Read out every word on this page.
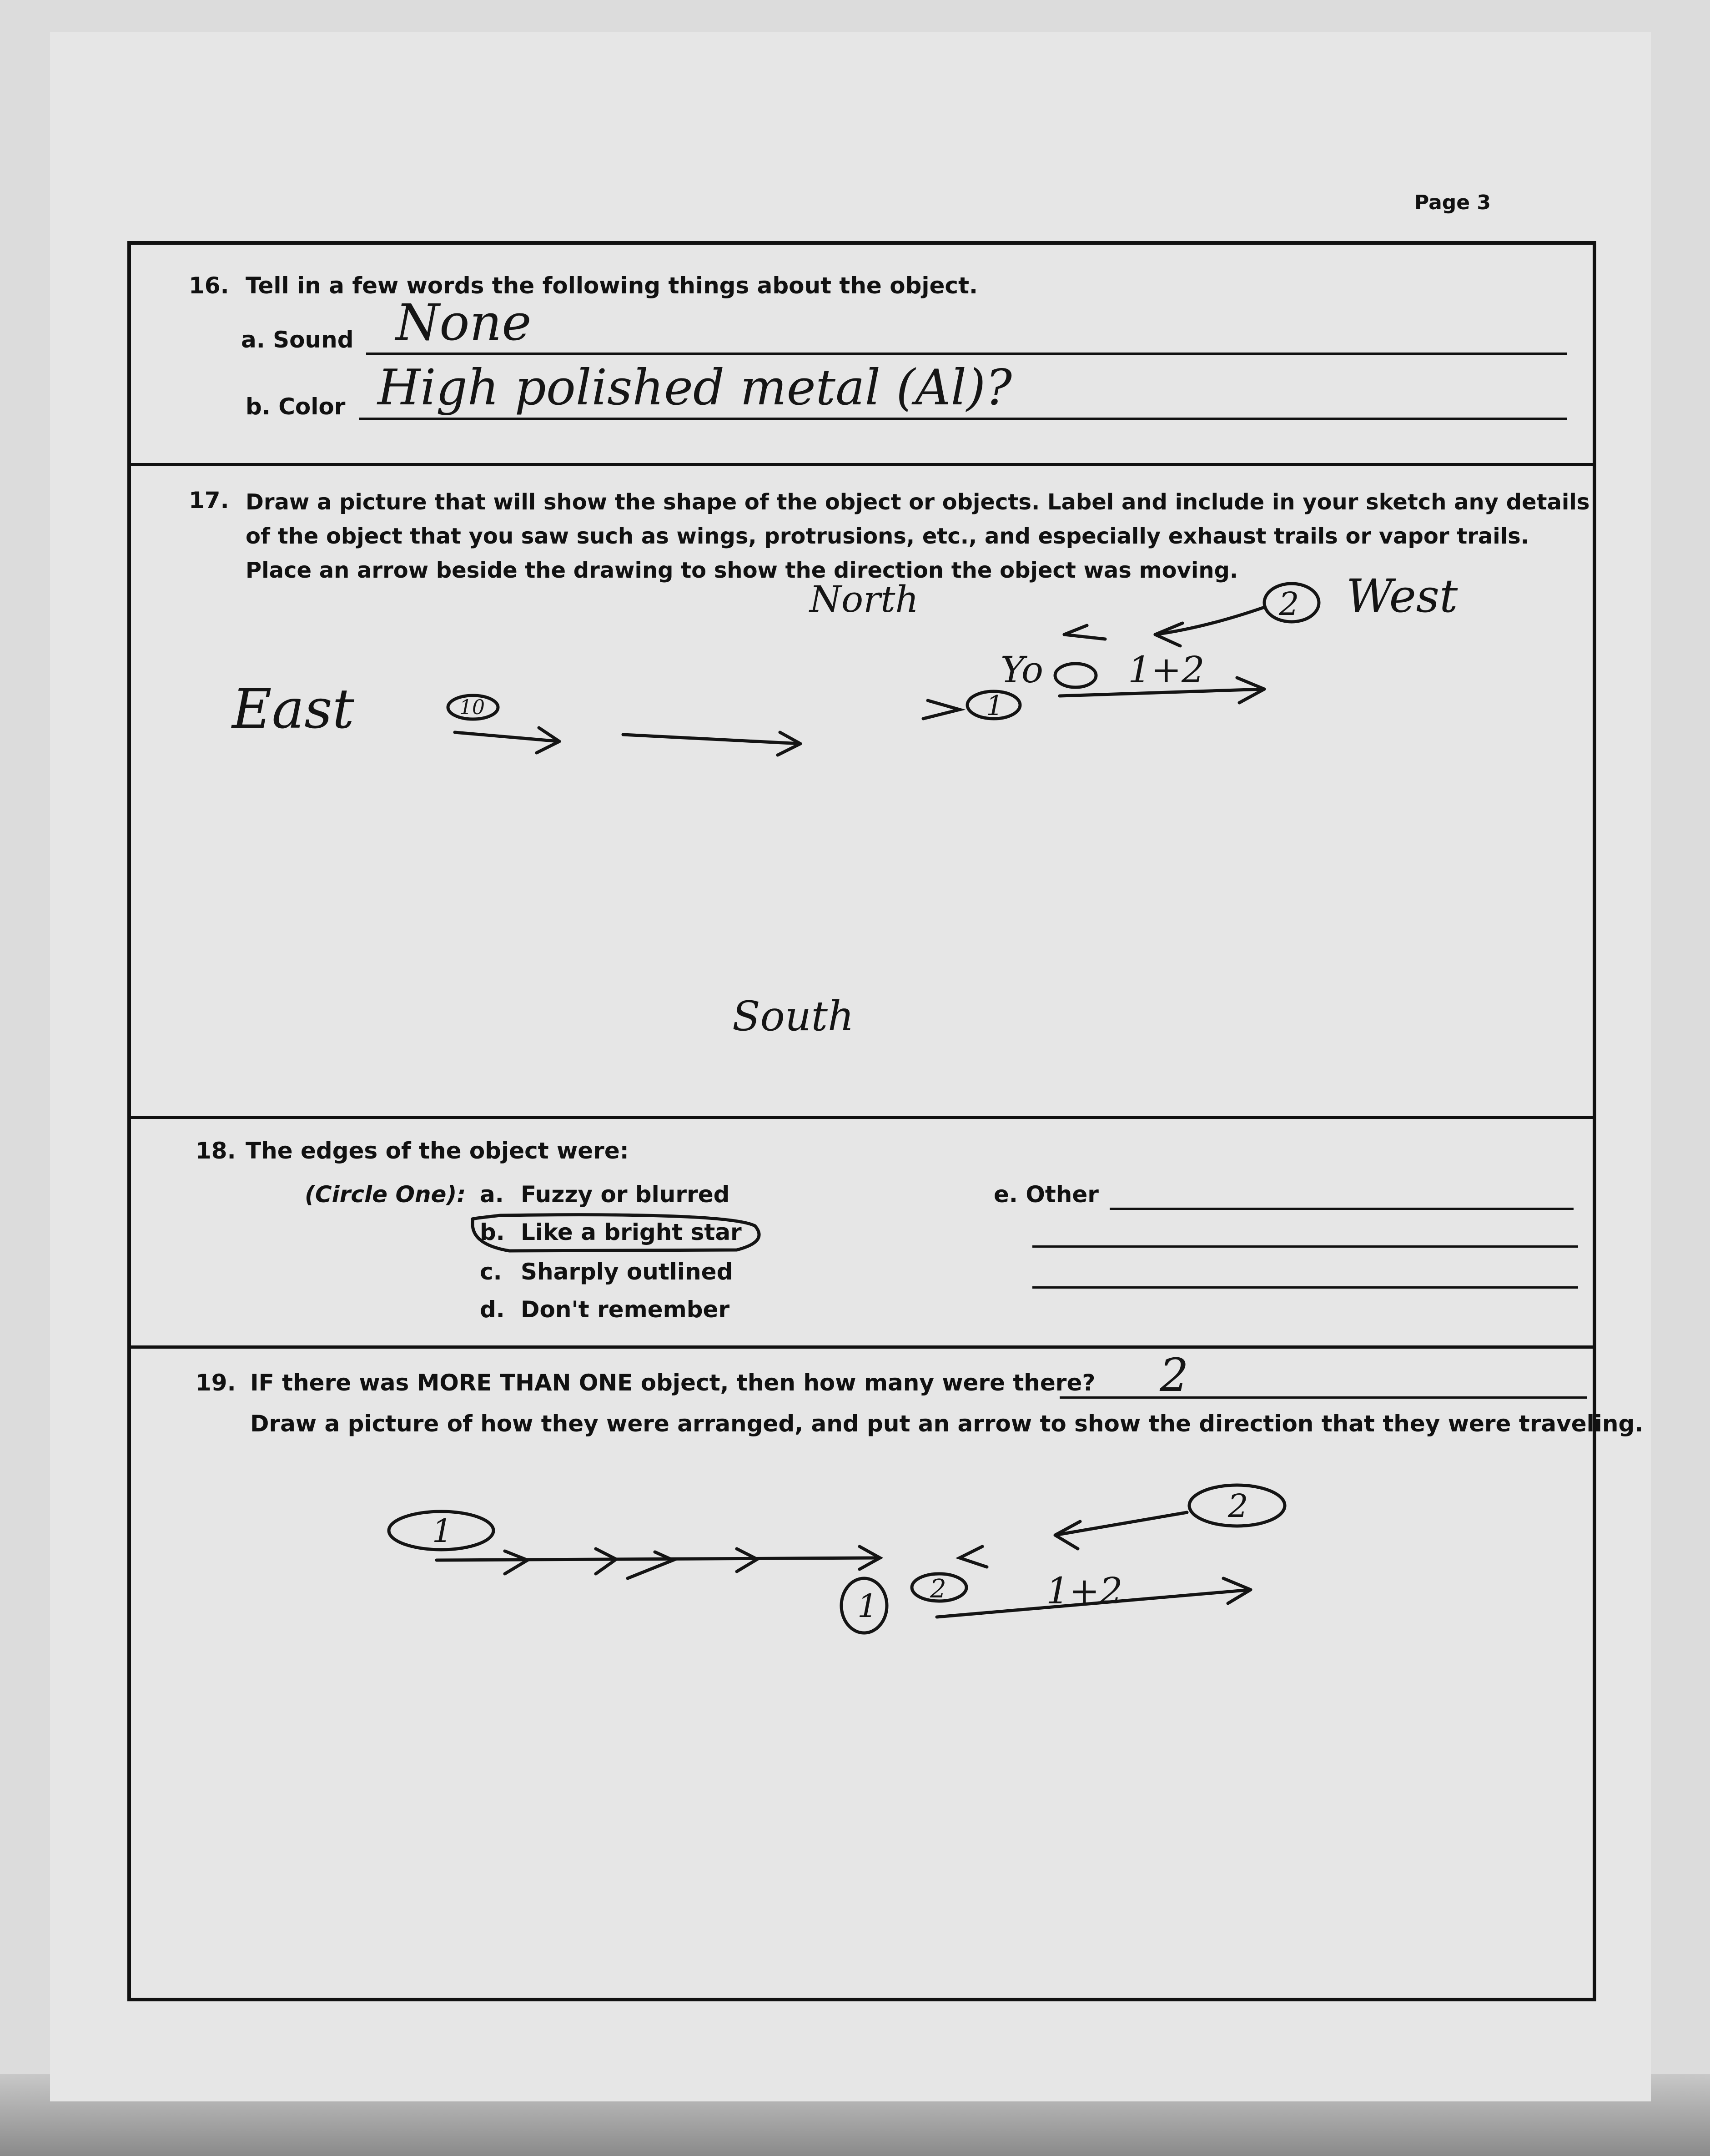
Page 3
16. Tell in a few words the following things about the object.
a. Sound None
b. Color High polished metal (Al)?
17. Draw a picture that will show the shape of the object or objects. Label and include in your sketch any details
of the object that you saw such as wings, protrusions, etc., and especially exhaust trails or vapor trails.
Place an arrow beside the drawing to show the direction the object was moving.
North
East
West
South
2
Yo 1+2
1
10
18. The edges of the object were:
(Circle One): a. Fuzzy or blurred
b. Like a bright star
c. Sharply outlined
d. Don't remember
e. Other
19. IF there was MORE THAN ONE object, then how many were there? 2
Draw a picture of how they were arranged, and put an arrow to show the direction that they were traveling.
1
2
2
1	1+2
